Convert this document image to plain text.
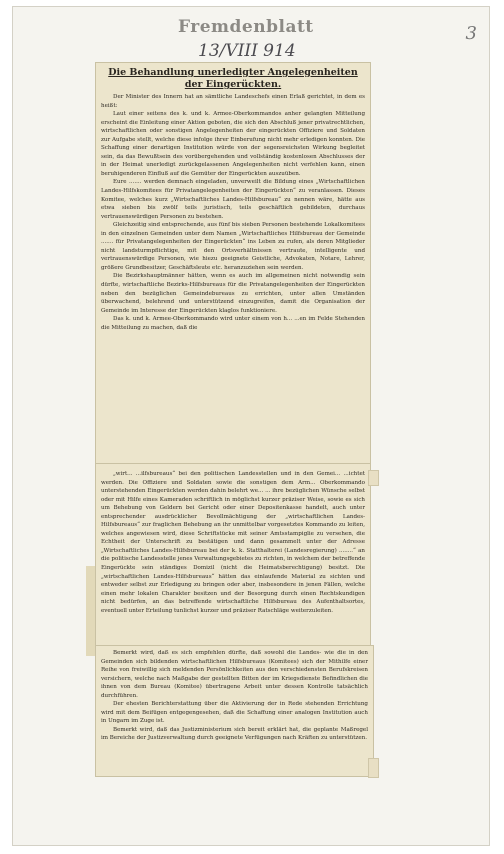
Fremdenblatt
13/VIII 914
3
Die Behandlung unerledigter Angelegenheiten
der Eingerückten.

Der Minister des Innern hat an sämtliche Landeschefs einen Erlaß gerichtet, in dem es heißt:

Laut einer seitens des k. und k. Armee-Oberkommandos anher gelangten Mitteilung erscheint die Einleitung einer Aktion geboten, die sich den Abschluß jener privatrechtlichen, wirtschaftlichen oder sonstigen Angelegenheiten der eingerückten Offiziere und Soldaten zur Aufgabe stellt, welche diese infolge ihrer Einberufung nicht mehr erledigen konnten. Die Schaffung einer derartigen Institution würde von der segensreichsten Wirkung begleitet sein, da das Bewußtsein des vorübergehenden und vollständig kostenlosen Abschlusses der in der Heimat unerledigt zurückgelassenen Angelegenheiten nicht verfehlen kann, einen beruhigenderen Einfluß auf die Gemüter der Eingerückten auszuüben.

Eure ....... werden demnach eingeladen, unverweilt die Bildung eines „Wirtschaftlichen Landes-Hilfskomitees für Privatangelegenheiten der Eingerückten“ zu veranlassen. Dieses Komitee, welches kurz „Wirtschaftliches Landes-Hilfsbureau“ zu nennen wäre, hätte aus etwa sieben bis zwölf teils juristisch, teils geschäftlich gebildeten, durchaus vertrauenswürdigen Personen zu bestehen.

Gleichzeitig sind entsprechende, aus fünf bis sieben Personen bestehende Lokalkomitees in den einzelnen Gemeinden unter dem Namen „Wirtschaftliches Hilfsbureau der Gemeinde ....... für Privatangelegenheiten der Eingerückten“ ins Leben zu rufen, als deren Mitglieder nicht landsturmpflichtige, mit den Ortsverhältnissen vertraute, intelligente und vertrauenswürdige Personen, wie hiezu geeignete Geistliche, Advokaten, Notare, Lehrer, größere Grundbesitzer, Geschäftsleute etc. heranzuziehen sein werden.

Die Bezirkshauptmänner hätten, wenn es auch im allgemeinen nicht notwendig sein dürfte, wirtschaftliche Bezirks-Hilfsbureaus für die Privatangelegenheiten der Eingerückten neben den bezüglichen Gemeindebureaus zu errichten, unter allen Umständen überwachend, belehrend und unterstützend einzugreifen, damit die Organisation der Gemeinde im Interesse der Eingerückten klaglos funktioniere.

Das k. und k. Armee-Oberkommando wird unter einem von h... ...en im Felde Stehenden die Mitteilung zu machen, daß die

„wirt... ...ilfsbureaus“ bei den politischen Landesstellen und in den Gemei... ...ichtet werden. Die Offiziere und Soldaten sowie die sonstigen dem Arm... Oberkommando unterstehenden Eingerückten werden dahin belehrt we... ... ihre bezüglichen Wünsche selbst oder mit Hilfe eines Kameraden schriftlich in möglichst kurzer präziser Weise, sowie es sich um Behebung von Geldern bei Gericht oder einer Depositenkasse handelt, auch unter entsprechender ausdrücklicher Bevollmächtigung der „wirtschaftlichen Landes-Hilfsbureaus“ zur fraglichen Behebung an ihr unmittelbar vorgesetztes Kommando zu leiten, welches angewiesen wird, diese Schriftstücke mit seiner Amtsstampiglie zu versehen, die Echtheit der Unterschrift zu bestätigen und dann gesammelt unter der Adresse „Wirtschaftliches Landes-Hilfsbureau bei der k. k. Statthalterei (Landesregierung) ........“ an die politische Landesstelle jenes Verwaltungsgebietes zu richten, in welchem der betreffende Eingerückte sein ständiges Domizil (nicht die Heimatsberechtigung) besitzt. Die „wirtschaftlichen Landes-Hilfsbureaus“ hätten das einlaufende Material zu sichten und entweder selbst zur Erledigung zu bringen oder aber, insbesondere in jenen Fällen, welche einen mehr lokalen Charakter besitzen und der Besorgung durch einen Rechtskundigen nicht bedürfen, an das betreffende wirtschaftliche Hilfsbureau des Aufenthaltsortes, eventuell unter Erteilung tunlichst kurzer und präziser Ratschläge weiterzuleiten.

Bemerkt wird, daß es sich empfehlen dürfte, daß sowohl die Landes- wie die in den Gemeinden sich bildenden wirtschaftlichen Hilfsbureaus (Komitees) sich der Mithilfe einer Reihe von freiwillig sich meldenden Persönlichkeiten aus den verschiedensten Berufskreisen versichern, welche nach Maßgabe der gestellten Bitten der im Kriegsdienste Befindlichen die ihnen von dem Bureau (Komitee) übertragene Arbeit unter dessen Kontrolle tatsächlich durchführen.

Der ehesten Berichterstattung über die Aktivierung der in Rede stehenden Errichtung wird mit dem Beifügen entgegengesehen, daß die Schaffung einer analogen Institution auch in Ungarn im Zuge ist.

Bemerkt wird, daß das Justizministerium sich bereit erklärt hat, die geplante Maßregel im Bereiche der Justizverwaltung durch geeignete Verfügungen nach Kräften zu unterstützen.
